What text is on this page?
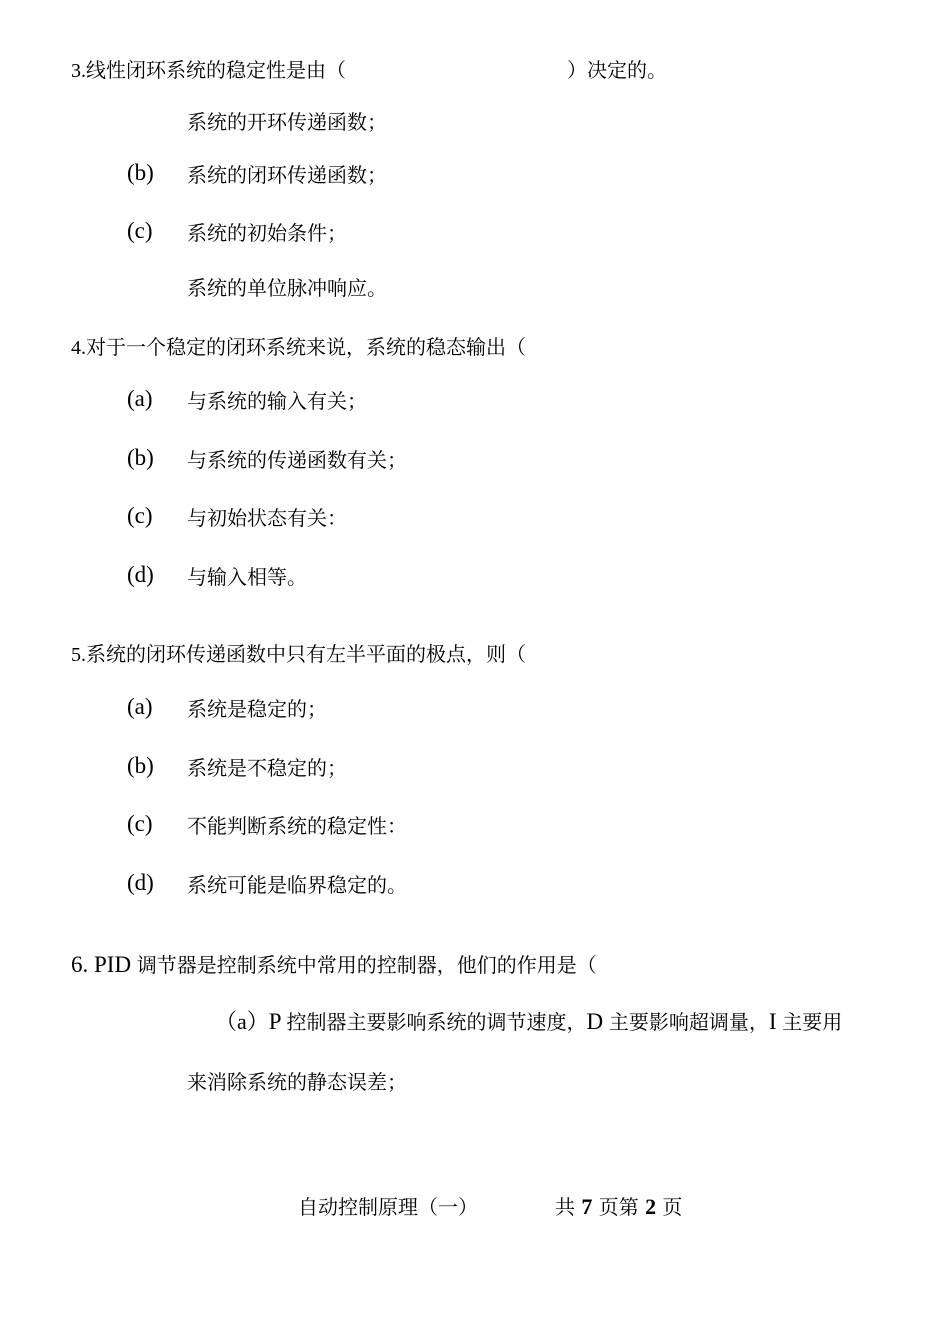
3.线性闭环系统的稳定性是由（	）决定的。
系统的开环传递函数；
(b) 系统的闭环传递函数；
(c) 系统的初始条件；
系统的单位脉冲响应。
4.对于一个稳定的闭环系统来说，系统的稳态输出（
(a) 与系统的输入有关；
(b) 与系统的传递函数有关；
(c) 与初始状态有关：
(d) 与输入相等。
5.系统的闭环传递函数中只有左半平面的极点，则（
(a) 系统是稳定的；
(b) 系统是不稳定的；
(c) 不能判断系统的稳定性：
(d) 系统可能是临界稳定的。
6. PID 调节器是控制系统中常用的控制器，他们的作用是（
（a）P 控制器主要影响系统的调节速度，D 主要影响超调量，I 主要用
来消除系统的静态误差；
自动控制原理（一）	共 7 页第 2 页
